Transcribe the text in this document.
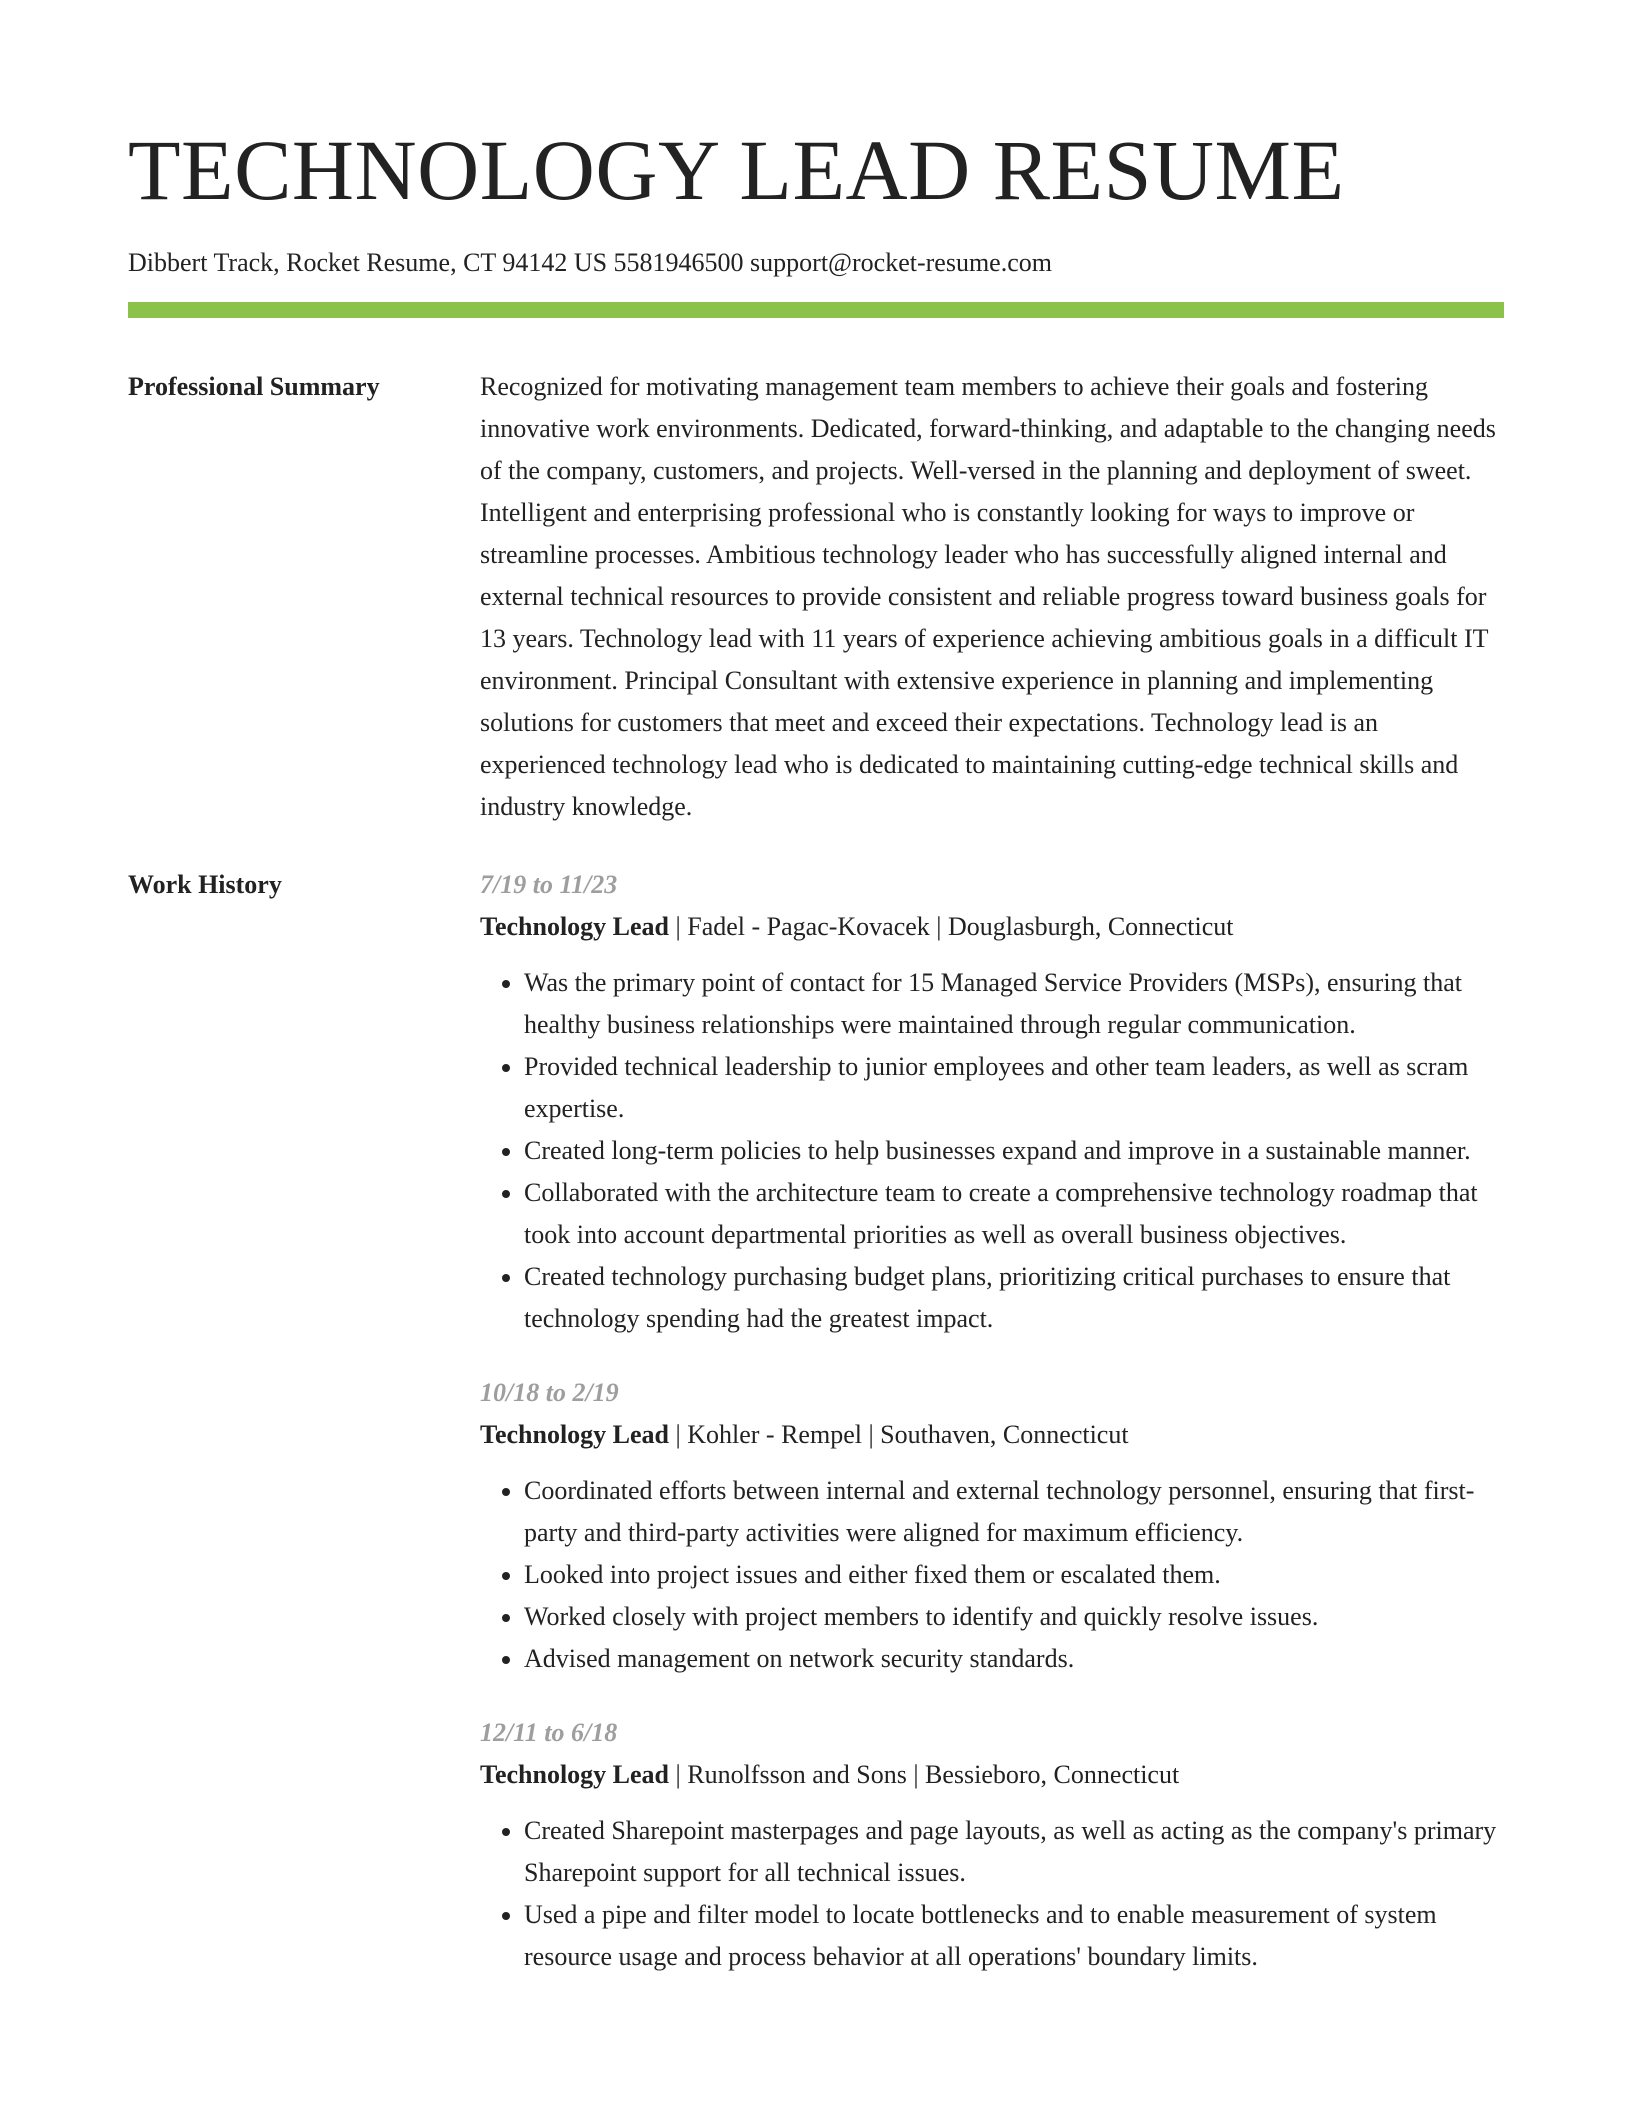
TECHNOLOGY LEAD RESUME
Dibbert Track, Rocket Resume, CT 94142 US 5581946500 support@rocket-resume.com
Professional Summary	Recognized for motivating management team members to achieve their goals and fostering innovative work environments. Dedicated, forward-thinking, and adaptable to the changing needs of the company, customers, and projects. Well-versed in the planning and deployment of sweet. Intelligent and enterprising professional who is constantly looking for ways to improve or streamline processes. Ambitious technology leader who has successfully aligned internal and external technical resources to provide consistent and reliable progress toward business goals for 13 years. Technology lead with 11 years of experience achieving ambitious goals in a difficult IT environment. Principal Consultant with extensive experience in planning and implementing solutions for customers that meet and exceed their expectations. Technology lead is an experienced technology lead who is dedicated to maintaining cutting-edge technical skills and industry knowledge.

Work History	7/19 to 11/23
Technology Lead | Fadel - Pagac-Kovacek | Douglasburgh, Connecticut
• Was the primary point of contact for 15 Managed Service Providers (MSPs), ensuring that healthy business relationships were maintained through regular communication.
• Provided technical leadership to junior employees and other team leaders, as well as scram expertise.
• Created long-term policies to help businesses expand and improve in a sustainable manner.
• Collaborated with the architecture team to create a comprehensive technology roadmap that took into account departmental priorities as well as overall business objectives.
• Created technology purchasing budget plans, prioritizing critical purchases to ensure that technology spending had the greatest impact.
10/18 to 2/19
Technology Lead | Kohler - Rempel | Southaven, Connecticut
• Coordinated efforts between internal and external technology personnel, ensuring that first-party and third-party activities were aligned for maximum efficiency.
• Looked into project issues and either fixed them or escalated them.
• Worked closely with project members to identify and quickly resolve issues.
• Advised management on network security standards.
12/11 to 6/18
Technology Lead | Runolfsson and Sons | Bessieboro, Connecticut
• Created Sharepoint masterpages and page layouts, as well as acting as the company's primary Sharepoint support for all technical issues.
• Used a pipe and filter model to locate bottlenecks and to enable measurement of system resource usage and process behavior at all operations' boundary limits.
